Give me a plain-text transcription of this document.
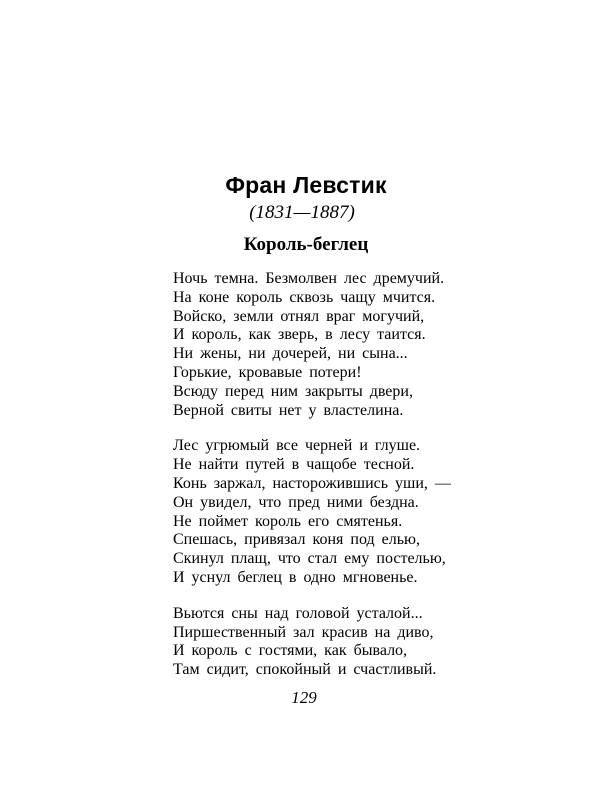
Фран Левстик
(1831—1887)
Король-беглец
Ночь темна. Безмолвен лес дремучий.
На коне король сквозь чащу мчится.
Войско, земли отнял враг могучий,
И король, как зверь, в лесу таится.
Ни жены, ни дочерей, ни сына...
Горькие, кровавые потери!
Всюду перед ним закрыты двери,
Верной свиты нет у властелина.
Лес угрюмый все черней и глуше.
Не найти путей в чащобе тесной.
Конь заржал, насторожившись уши, —
Он увидел, что пред ними бездна.
Не поймет король его смятенья.
Спешась, привязал коня под елью,
Скинул плащ, что стал ему постелью,
И уснул беглец в одно мгновенье.
Вьются сны над головой усталой...
Пиршественный зал красив на диво,
И король с гостями, как бывало,
Там сидит, спокойный и счастливый.
129
